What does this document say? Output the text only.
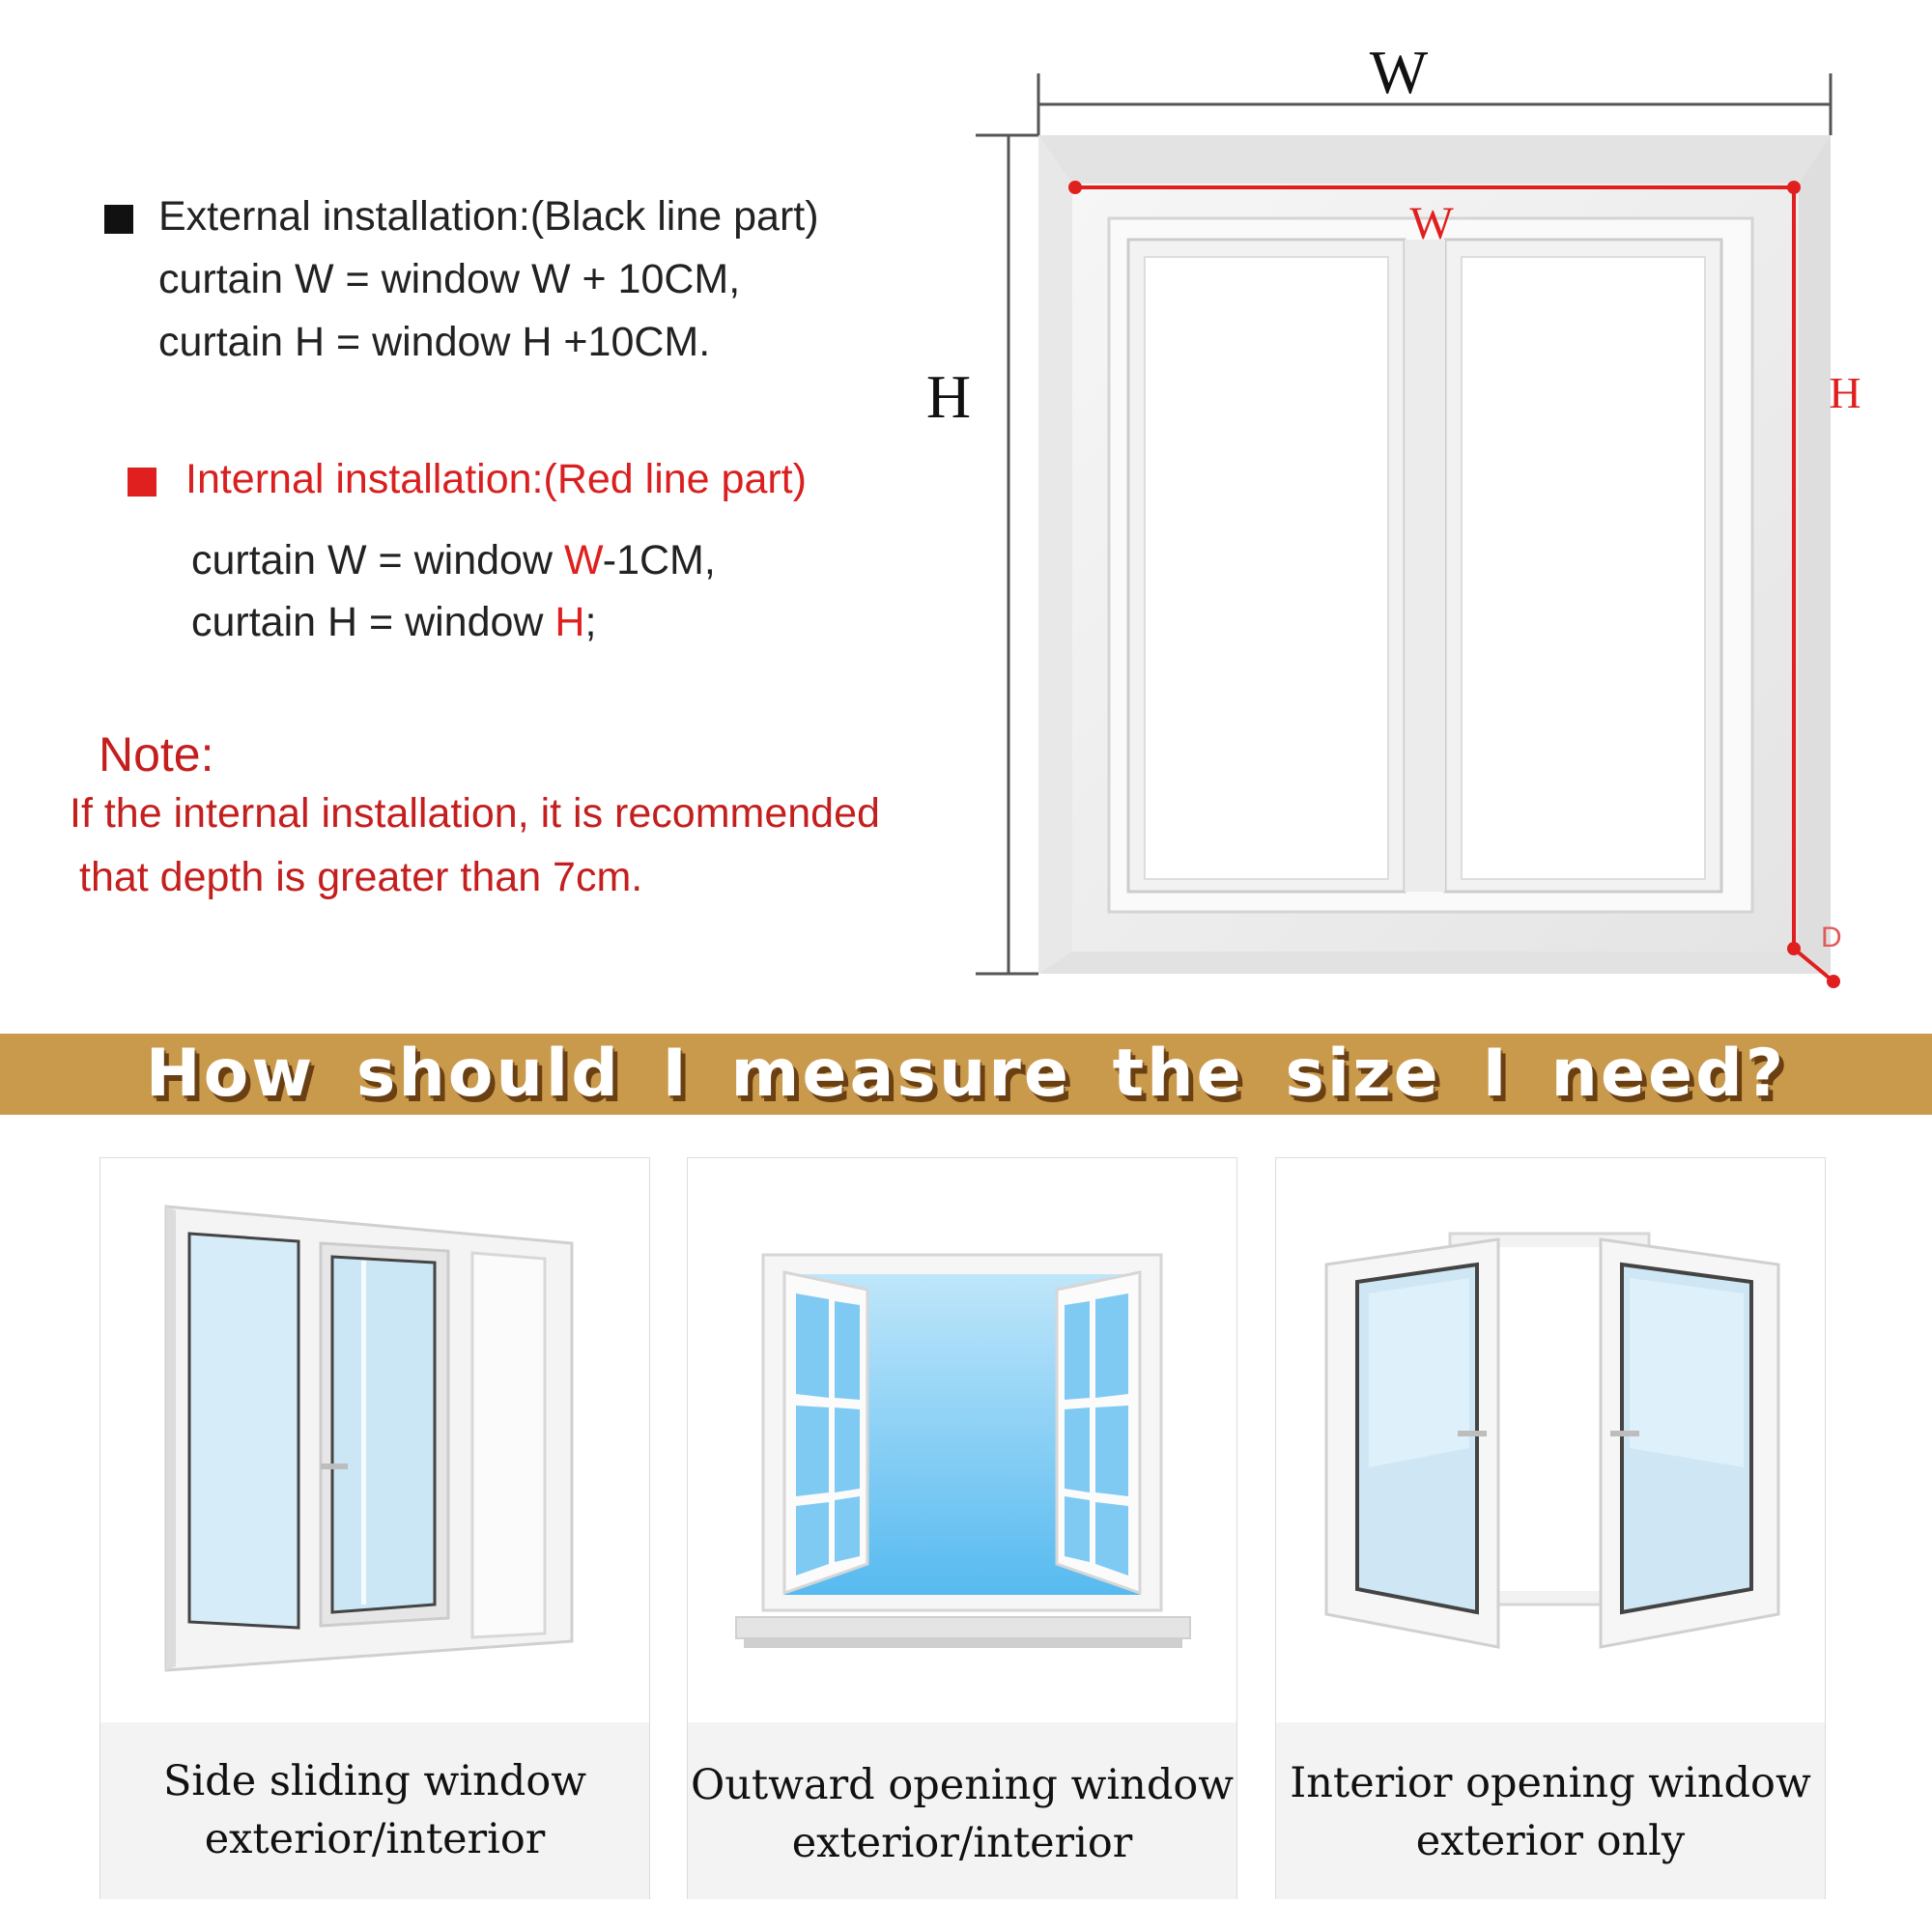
External installation:(Black line part)
curtain W = window W + 10CM,
curtain H = window H +10CM.
Internal installation:(Red line part)
curtain W = window W-1CM,
curtain H = window H;
Note:
If the internal installation, it is recommended
that depth is greater than 7cm.
W
H
W
H
D
How should I measure the size I need?
Side sliding window
exterior/interior
Outward opening window
exterior/interior
Interior opening window
exterior only
